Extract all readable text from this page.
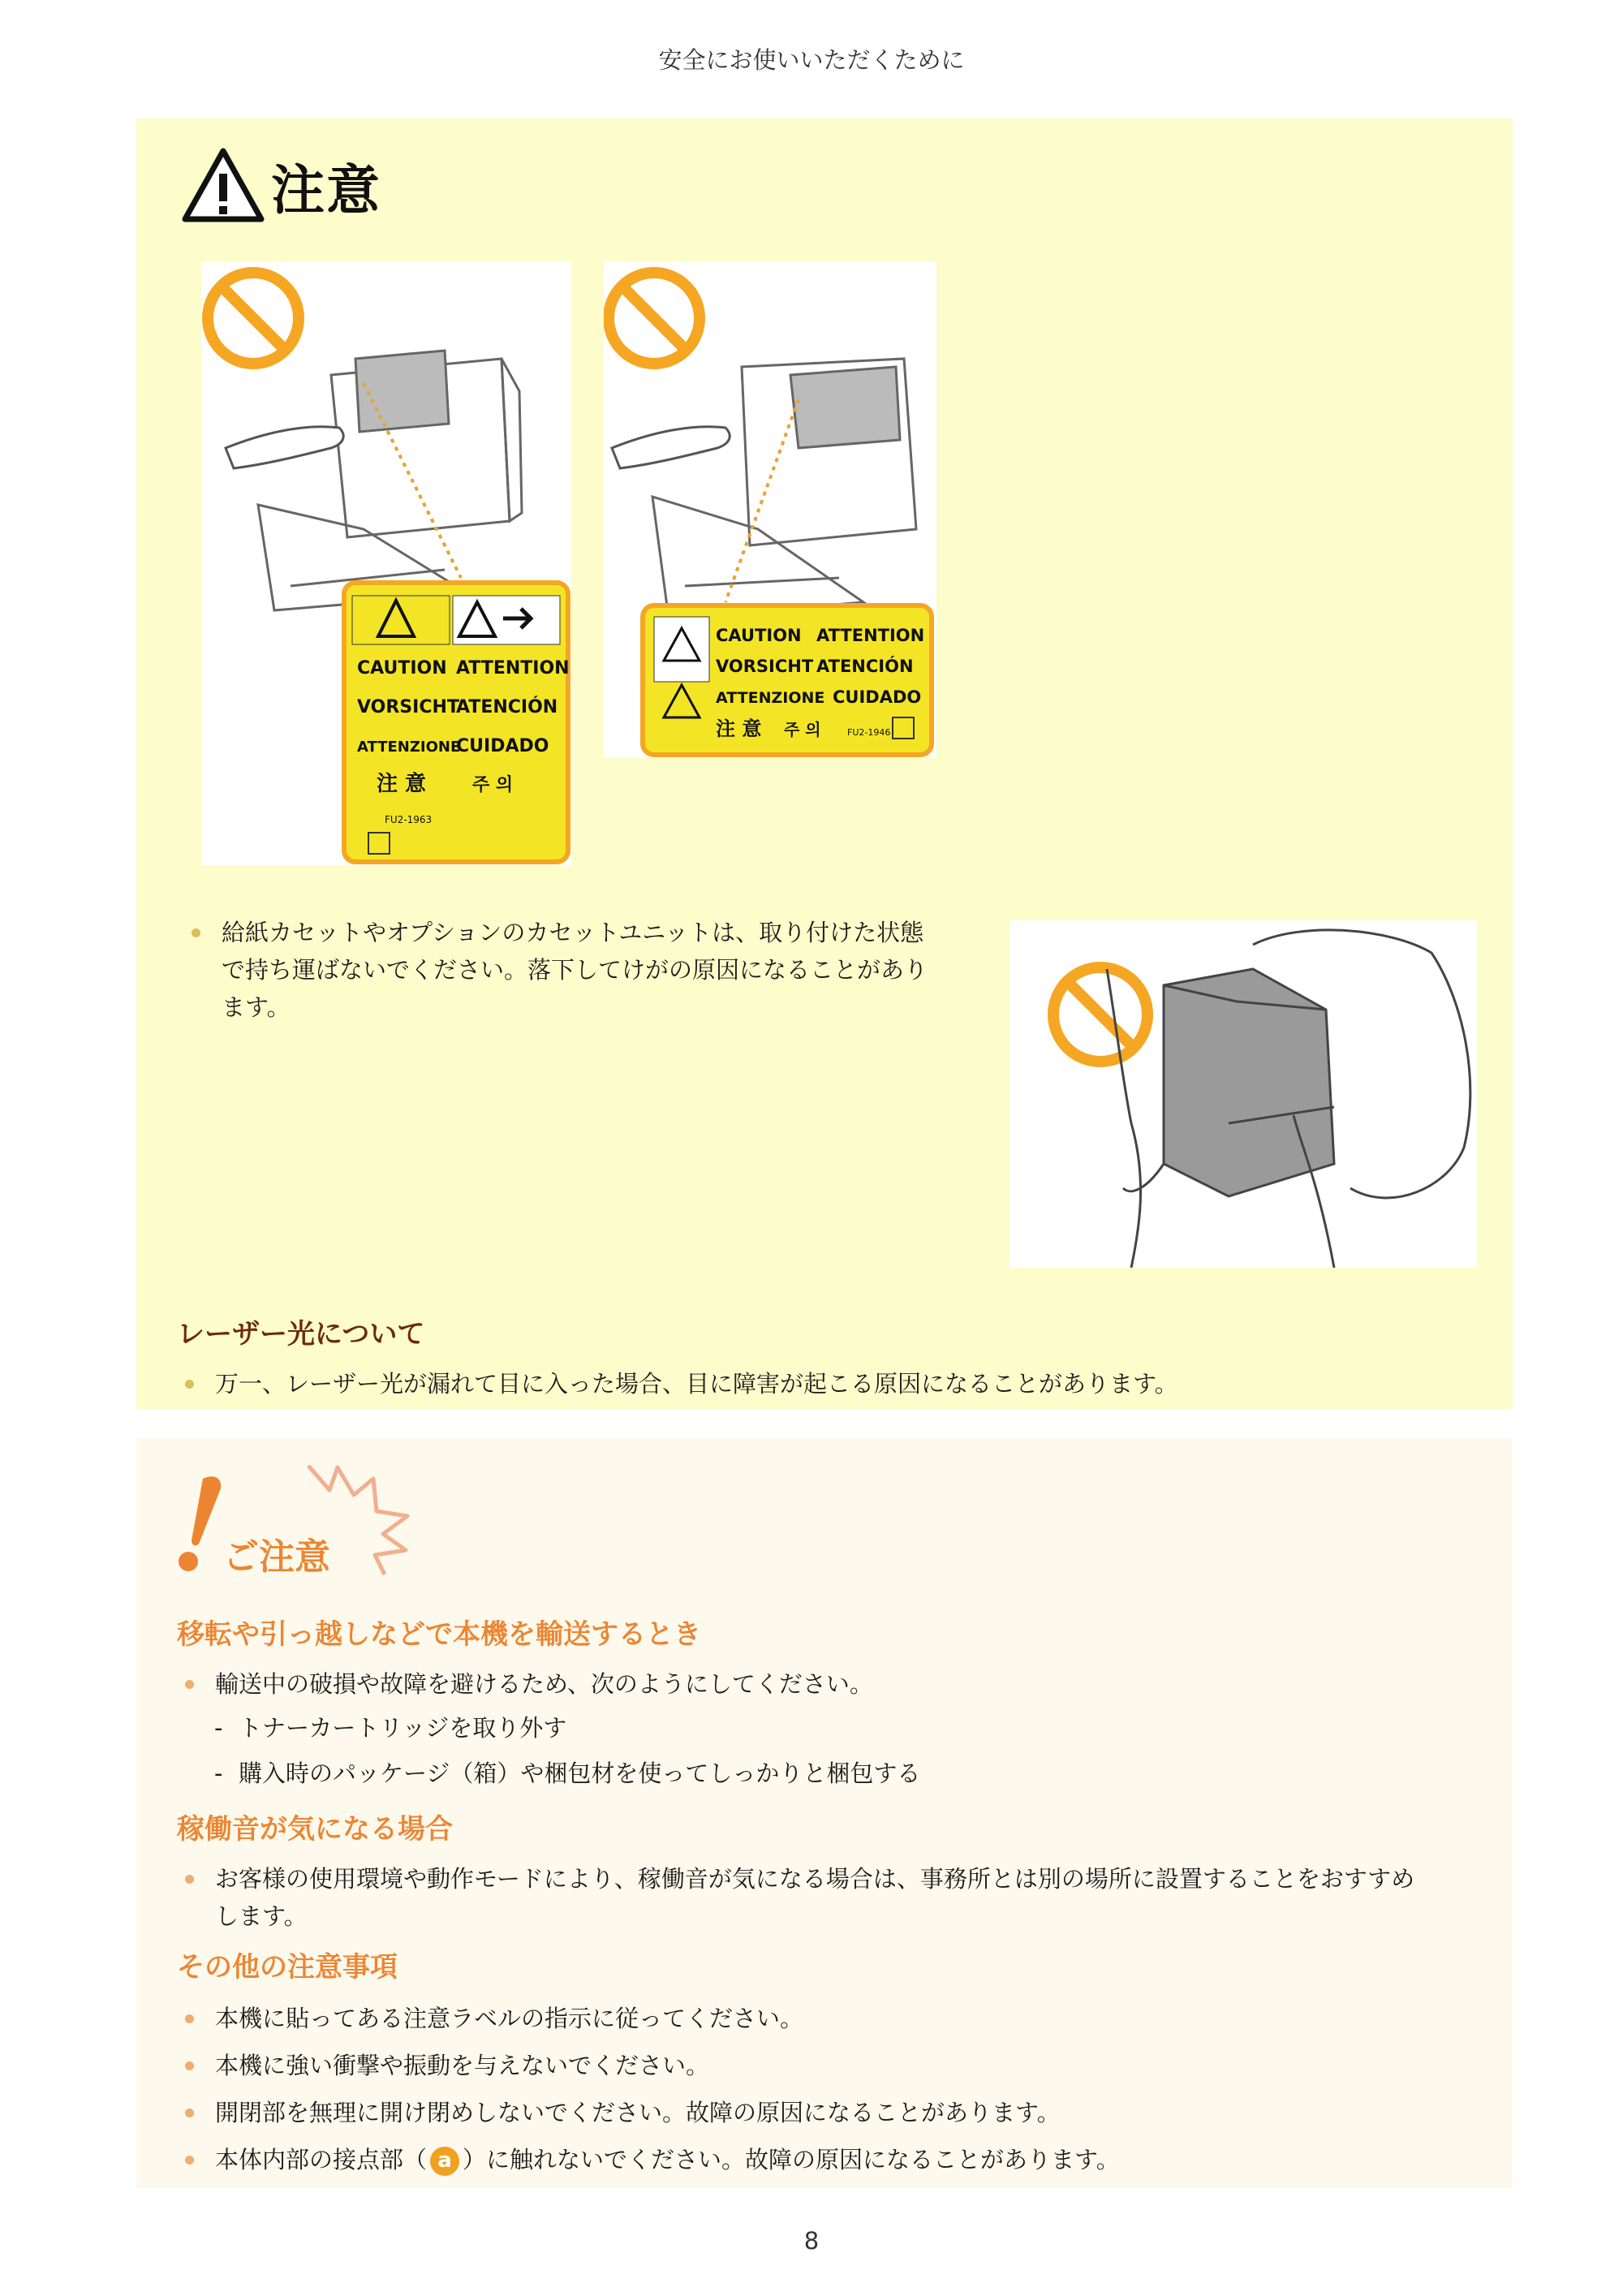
安全にお使いいただくために
注意
CAUTION ATTENTION
VORSICHT
ATENCIÓN
ATTENZIONE
CUIDADO
注 意	주 의
FU2-1963
CAUTION ATTENTION
VORSICHT ATENCIÓN
ATTENZIONE CUIDADO
注 意 주 의	FU2-1946
給紙カセットやオプションのカセットユニットは、取り付けた状態
で持ち運ばないでください。落下してけがの原因になることがあり
ます。
レーザー光について
万一、レーザー光が漏れて目に入った場合、目に障害が起こる原因になることがあります。
ご注意
移転や引っ越しなどで本機を輸送するとき
輸送中の破損や故障を避けるため、次のようにしてください。
- トナーカートリッジを取り外す
- 購入時のパッケージ（箱）や梱包材を使ってしっかりと梱包する
稼働音が気になる場合
お客様の使用環境や動作モードにより、稼働音が気になる場合は、事務所とは別の場所に設置することをおすすめ
します。
その他の注意事項
本機に貼ってある注意ラベルの指示に従ってください。
本機に強い衝撃や振動を与えないでください。
開閉部を無理に開け閉めしないでください。故障の原因になることがあります。
本体内部の接点部（ a ）に触れないでください。故障の原因になることがあります。
8
